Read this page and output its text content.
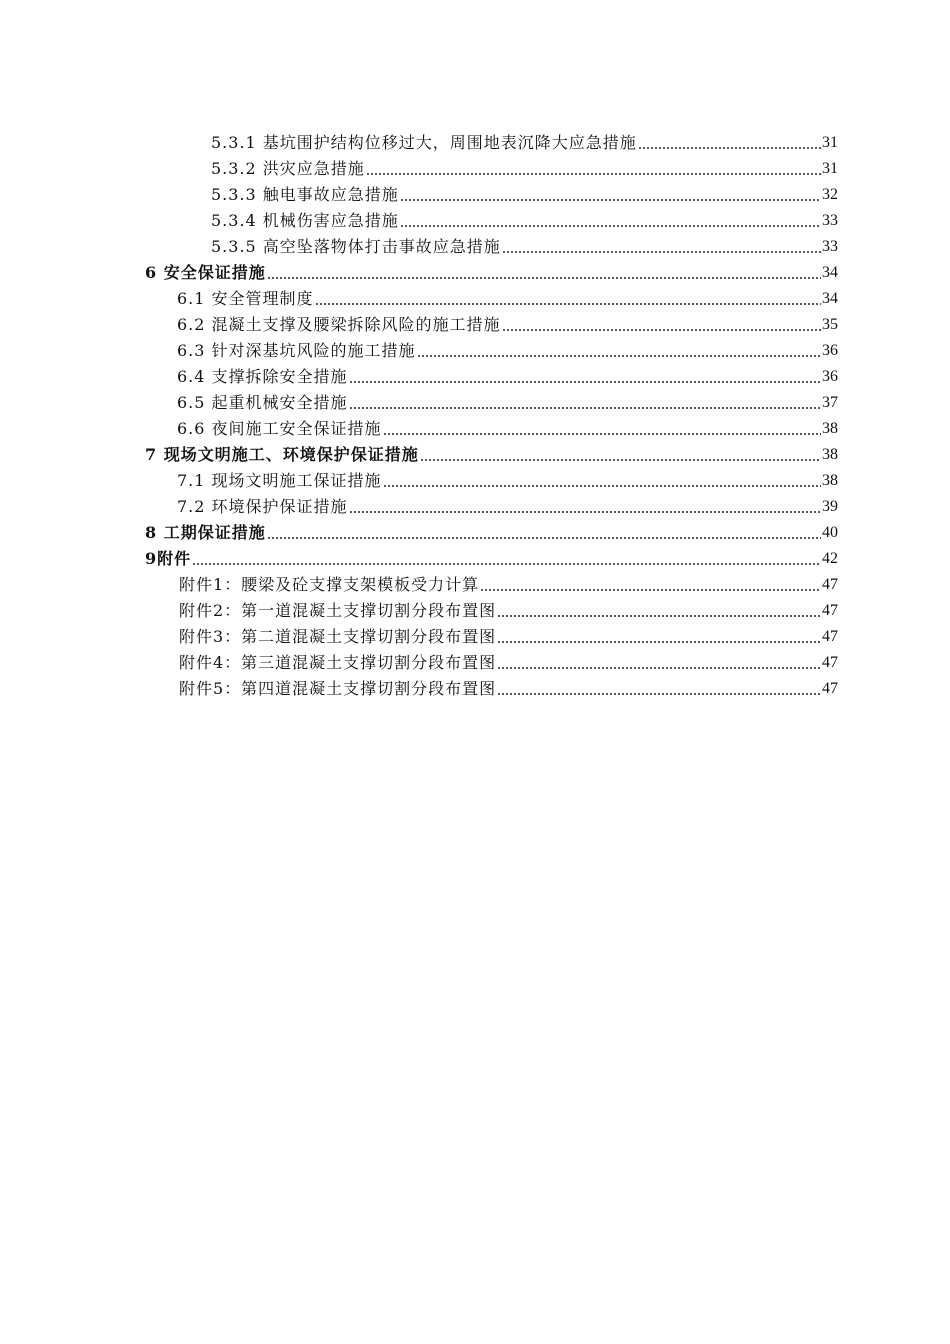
5.3.1 基坑围护结构位移过大，周围地表沉降大应急措施	31
5.3.2 洪灾应急措施	31
5.3.3 触电事故应急措施	32
5.3.4 机械伤害应急措施	33
5.3.5 高空坠落物体打击事故应急措施	33
6 安全保证措施	34
6.1 安全管理制度	34
6.2 混凝土支撑及腰梁拆除风险的施工措施	35
6.3 针对深基坑风险的施工措施	36
6.4 支撑拆除安全措施	36
6.5 起重机械安全措施	37
6.6 夜间施工安全保证措施	38
7 现场文明施工、环境保护保证措施	38
7.1 现场文明施工保证措施	38
7.2 环境保护保证措施	39
8 工期保证措施	40
9附件	42
附件1：腰梁及砼支撑支架模板受力计算	47
附件2：第一道混凝土支撑切割分段布置图	47
附件3：第二道混凝土支撑切割分段布置图	47
附件4：第三道混凝土支撑切割分段布置图	47
附件5：第四道混凝土支撑切割分段布置图	47
